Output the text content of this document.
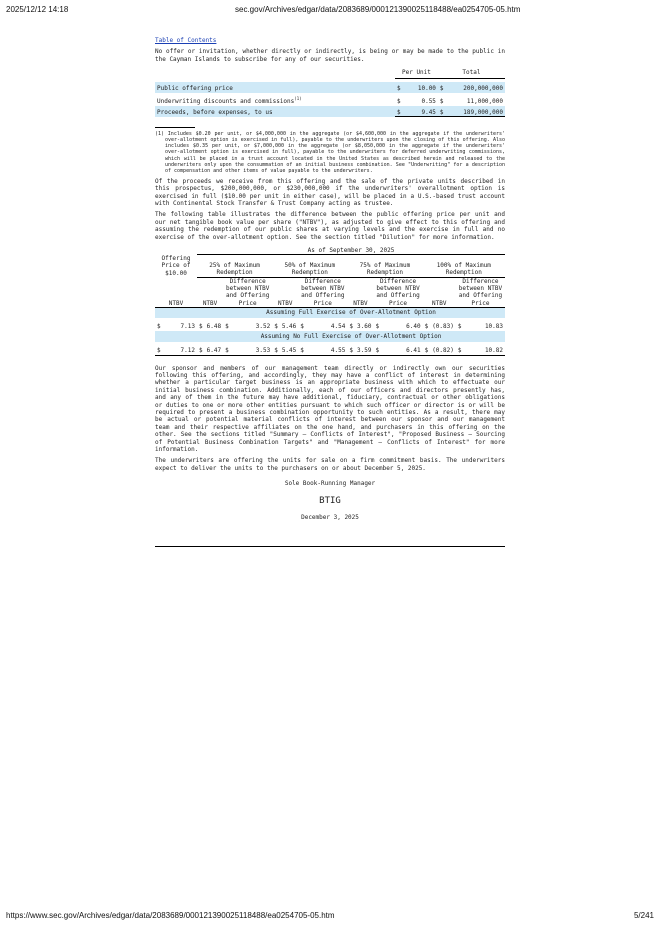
2025/12/12 14:18	sec.gov/Archives/edgar/data/2083689/000121390025118488/ea0254705-05.htm
Table of Contents

No offer or invitation, whether directly or indirectly, is being or may be made to the public in the Cayman Islands to subscribe for any of our securities.

	Per Unit		Total	

Public offering price	$	10.00	$	200,000,000
Underwriting discounts and commissions$^{(1)}$	$	0.55	$	11,000,000
Proceeds, before expenses, to us	$	9.45	$	189,000,000

(1) Includes $0.20 per unit, or $4,000,000 in the aggregate (or $4,600,000 in the aggregate if the underwriters' over-allotment option is exercised in full), payable to the underwriters upon the closing of this offering. Also includes $0.35 per unit, or $7,000,000 in the aggregate (or $8,050,000 in the aggregate if the underwriters' over-allotment option is exercised in full), payable to the underwriters for deferred underwriting commissions, which will be placed in a trust account located in the United States as described herein and released to the underwriters only upon the consummation of an initial business combination. See "Underwriting" for a description of compensation and other items of value payable to the underwriters.

Of the proceeds we receive from this offering and the sale of the private units described in this prospectus, $200,000,000, or $230,000,000 if the underwriters' overallotment option is exercised in full ($10.00 per unit in either case), will be placed in a U.S.-based trust account with Continental Stock Transfer & Trust Company acting as trustee.

The following table illustrates the difference between the public offering price per unit and our net tangible book value per share ("NTBV"), as adjusted to give effect to this offering and assuming the redemption of our public shares at varying levels and the exercise in full and no exercise of the over-allotment option. See the section titled "Dilution" for more information.

	As of September 30, 2025															
Offering Price of $10.00	25% of Maximum Redemption				50% of Maximum Redemption				75% of Maximum Redemption				100% of Maximum Redemption			
NTBV	NTBV		Difference between NTBV and Offering Price		NTBV		Difference between NTBV and Offering Price		NTBV		Difference between NTBV and Offering Price		NTBV		Difference between NTBV and Offering Price	
	Assuming Full Exercise of Over-Allotment Option															
$ 7.13	$	6.48	$	3.52	$	5.46	$	4.54	$	3.60	$	6.40	$	(0.83)	$	10.83
	Assuming No Full Exercise of Over-Allotment Option															
$ 7.12	$	6.47	$	3.53	$	5.45	$	4.55	$	3.59	$	6.41	$	(0.82)	$	10.82

Our sponsor and members of our management team directly or indirectly own our securities following this offering, and accordingly, they may have a conflict of interest in determining whether a particular target business is an appropriate business with which to effectuate our initial business combination. Additionally, each of our officers and directors presently has, and any of them in the future may have additional, fiduciary, contractual or other obligations or duties to one or more other entities pursuant to which such officer or director is or will be required to present a business combination opportunity to such entities. As a result, there may be actual or potential material conflicts of interest between our sponsor and our management team and their respective affiliates on the one hand, and purchasers in this offering on the other. See the sections titled "Summary — Conflicts of Interest", "Proposed Business — Sourcing of Potential Business Combination Targets" and "Management — Conflicts of Interest" for more information.

The underwriters are offering the units for sale on a firm commitment basis. The underwriters expect to deliver the units to the purchasers on or about December 5, 2025.

Sole Book-Running Manager
BTIG
December 3, 2025
https://www.sec.gov/Archives/edgar/data/2083689/000121390025118488/ea0254705-05.htm	5/241
